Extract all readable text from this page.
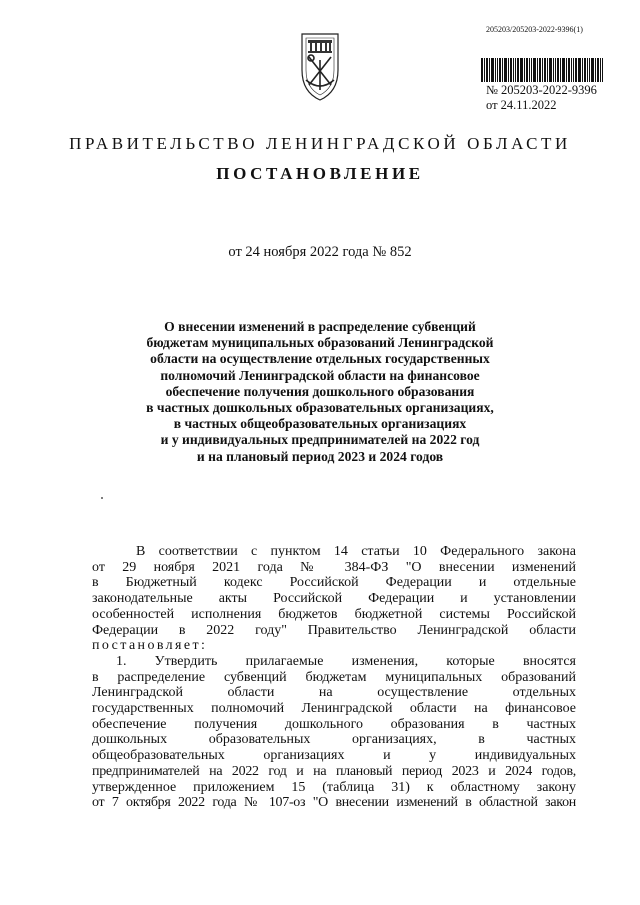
205203/205203-2022-9396(1)
№ 205203-2022-9396
от 24.11.2022
ПРАВИТЕЛЬСТВО ЛЕНИНГРАДСКОЙ ОБЛАСТИ
ПОСТАНОВЛЕНИЕ
от 24 ноября 2022 года № 852
О внесении изменений в распределение субвенций
бюджетам муниципальных образований Ленинградской
области на осуществление отдельных государственных
полномочий Ленинградской области на финансовое
обеспечение получения дошкольного образования
в частных дошкольных образовательных организациях,
в частных общеобразовательных организациях
и у индивидуальных предпринимателей на 2022 год
и на плановый период 2023 и 2024 годов

В соответствии с пунктом 14 статьи 10 Федерального закона

от 29 ноября 2021 года № 384-ФЗ "О внесении изменений

в Бюджетный кодекс Российской Федерации и отдельные

законодательные акты Российской Федерации и установлении

особенностей исполнения бюджетов бюджетной системы Российской

Федерации в 2022 году" Правительство Ленинградской области

постановляет:

1. Утвердить прилагаемые изменения, которые вносятся

в распределение субвенций бюджетам муниципальных образований

Ленинградской области на осуществление отдельных

государственных полномочий Ленинградской области на финансовое

обеспечение получения дошкольного образования в частных

дошкольных образовательных организациях, в частных

общеобразовательных организациях и у индивидуальных

предпринимателей на 2022 год и на плановый период 2023 и 2024 годов,

утвержденное приложением 15 (таблица 31) к областному закону

от 7 октября 2022 года № 107-оз "О внесении изменений в областной закон
